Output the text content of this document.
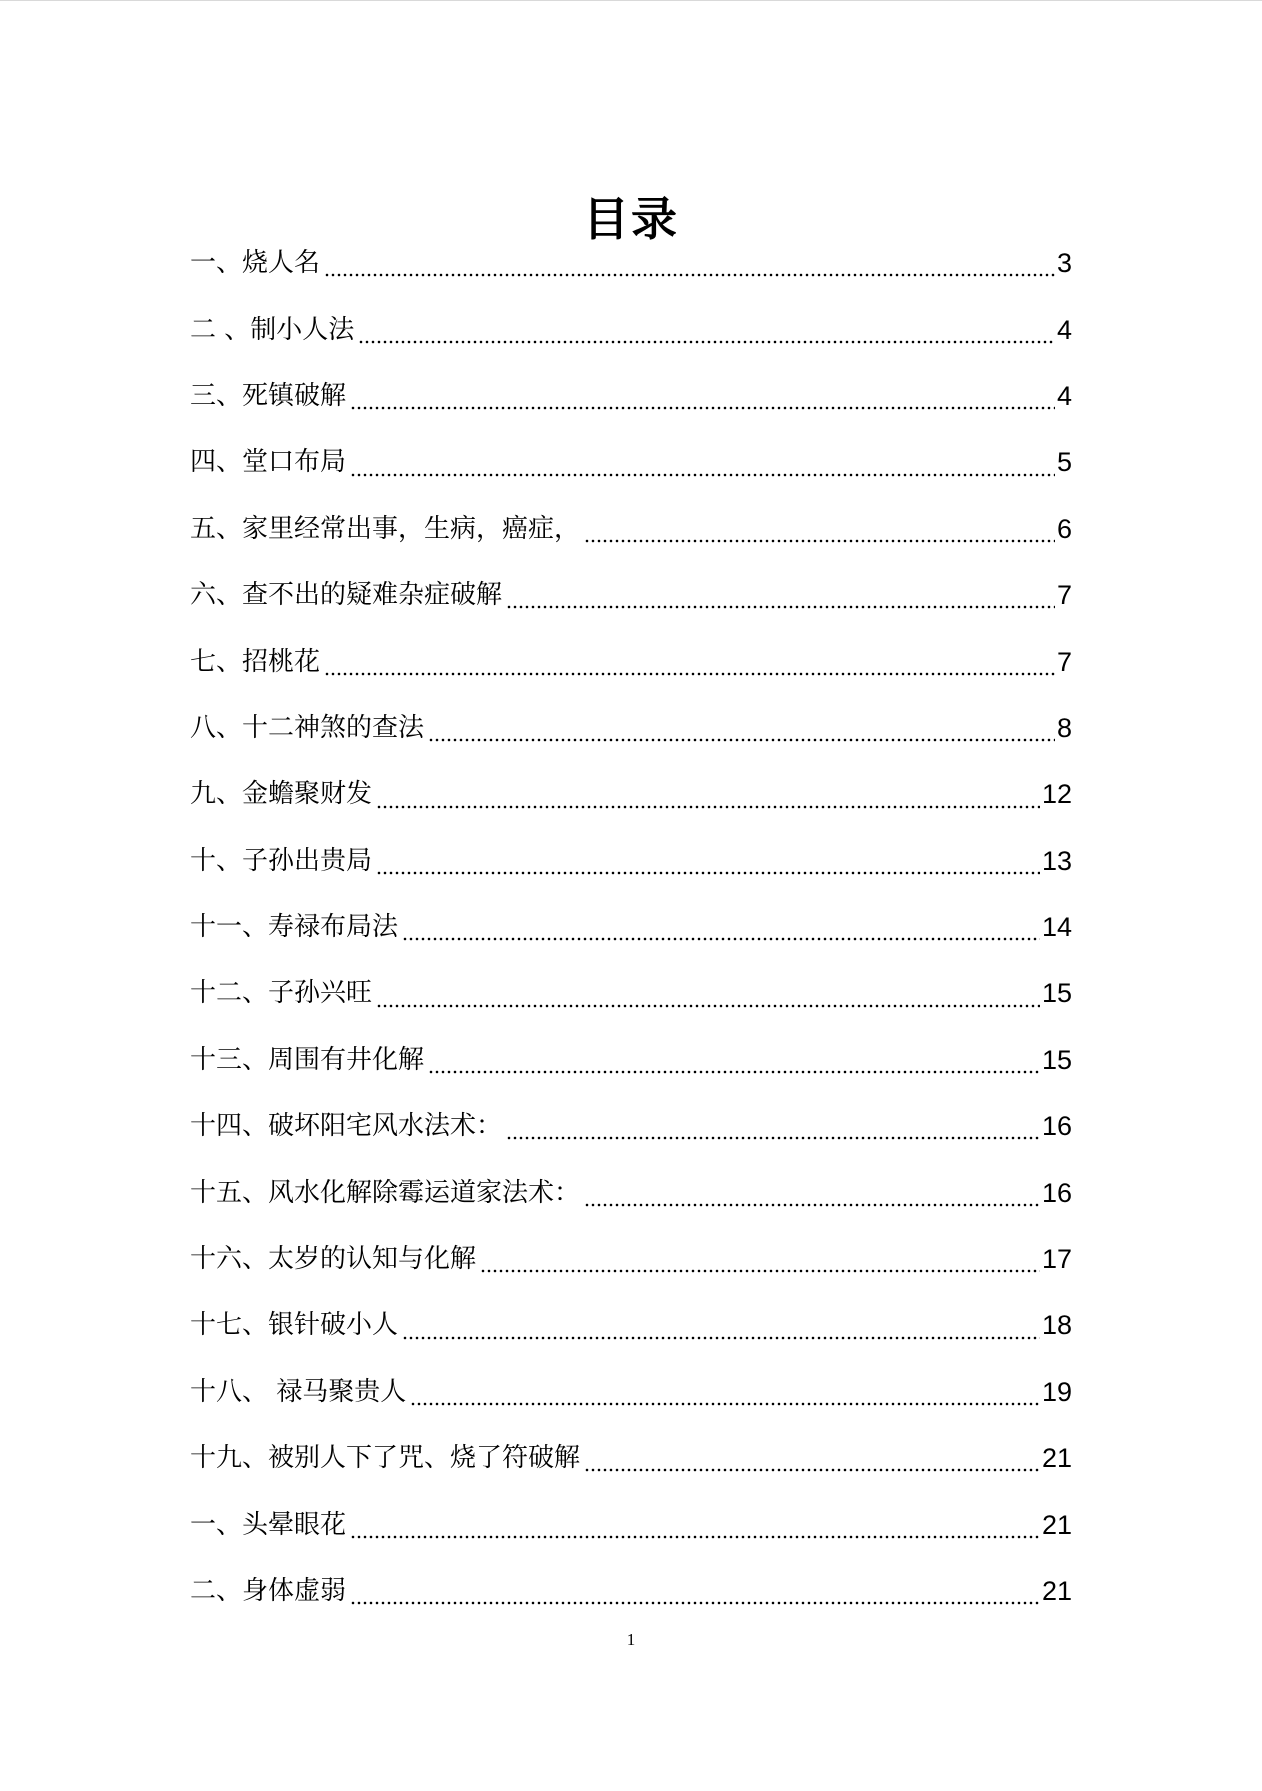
目录
一、烧人名	3
二 、制小人法	4
三、死镇破解	4
四、堂口布局	5
五、家里经常出事，生病，癌症，	6
六、查不出的疑难杂症破解	7
七、招桃花	7
八、十二神煞的查法	8
九、金蟾聚财发	12
十、子孙出贵局	13
十一、寿禄布局法	14
十二、子孙兴旺	15
十三、周围有井化解	15
十四、破坏阳宅风水法术：	16
十五、风水化解除霉运道家法术：	16
十六、太岁的认知与化解	17
十七、银针破小人	18
十八、 禄马聚贵人	19
十九、被别人下了咒、烧了符破解	21
一、头晕眼花	21
二、身体虚弱	21
1
